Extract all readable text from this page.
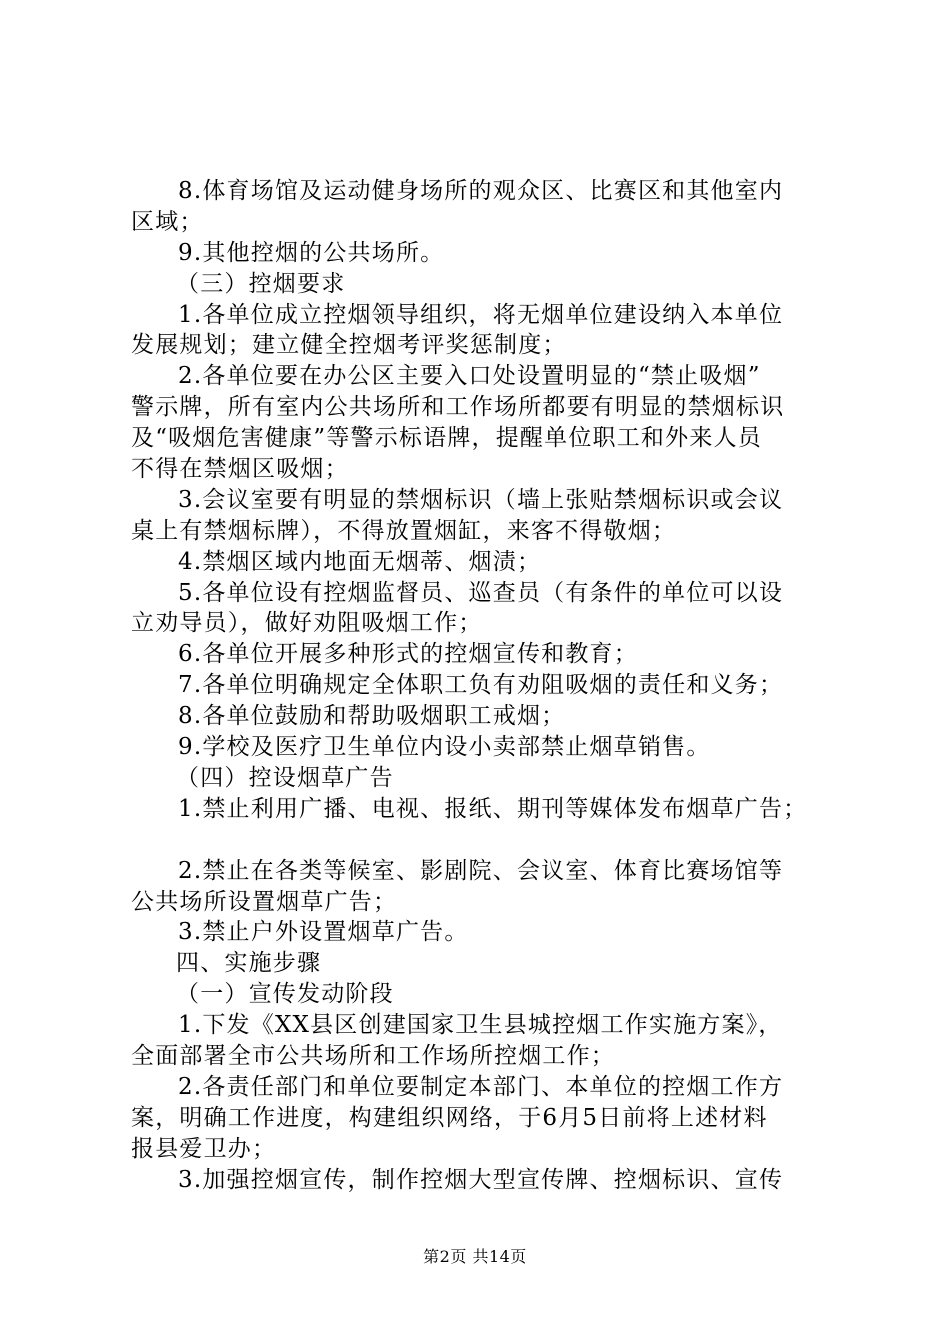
8.体育场馆及运动健身场所的观众区、比赛区和其他室内
区域；
9.其他控烟的公共场所。
（三）控烟要求
1.各单位成立控烟领导组织，将无烟单位建设纳入本单位
发展规划；建立健全控烟考评奖惩制度；
2.各单位要在办公区主要入口处设置明显的“禁止吸烟”
警示牌，所有室内公共场所和工作场所都要有明显的禁烟标识
及“吸烟危害健康”等警示标语牌，提醒单位职工和外来人员
不得在禁烟区吸烟；
3.会议室要有明显的禁烟标识（墙上张贴禁烟标识或会议
桌上有禁烟标牌），不得放置烟缸，来客不得敬烟；
4.禁烟区域内地面无烟蒂、烟渍；
5.各单位设有控烟监督员、巡查员（有条件的单位可以设
立劝导员），做好劝阻吸烟工作；
6.各单位开展多种形式的控烟宣传和教育；
7.各单位明确规定全体职工负有劝阻吸烟的责任和义务；
8.各单位鼓励和帮助吸烟职工戒烟；
9.学校及医疗卫生单位内设小卖部禁止烟草销售。
（四）控设烟草广告
1.禁止利用广播、电视、报纸、期刊等媒体发布烟草广告；
2.禁止在各类等候室、影剧院、会议室、体育比赛场馆等
公共场所设置烟草广告；
3.禁止户外设置烟草广告。
四、实施步骤
（一）宣传发动阶段
1.下发《XX县区创建国家卫生县城控烟工作实施方案》，
全面部署全市公共场所和工作场所控烟工作；
2.各责任部门和单位要制定本部门、本单位的控烟工作方
案，明确工作进度，构建组织网络，于6月5日前将上述材料
报县爱卫办；
3.加强控烟宣传，制作控烟大型宣传牌、控烟标识、宣传
第2页 共14页
